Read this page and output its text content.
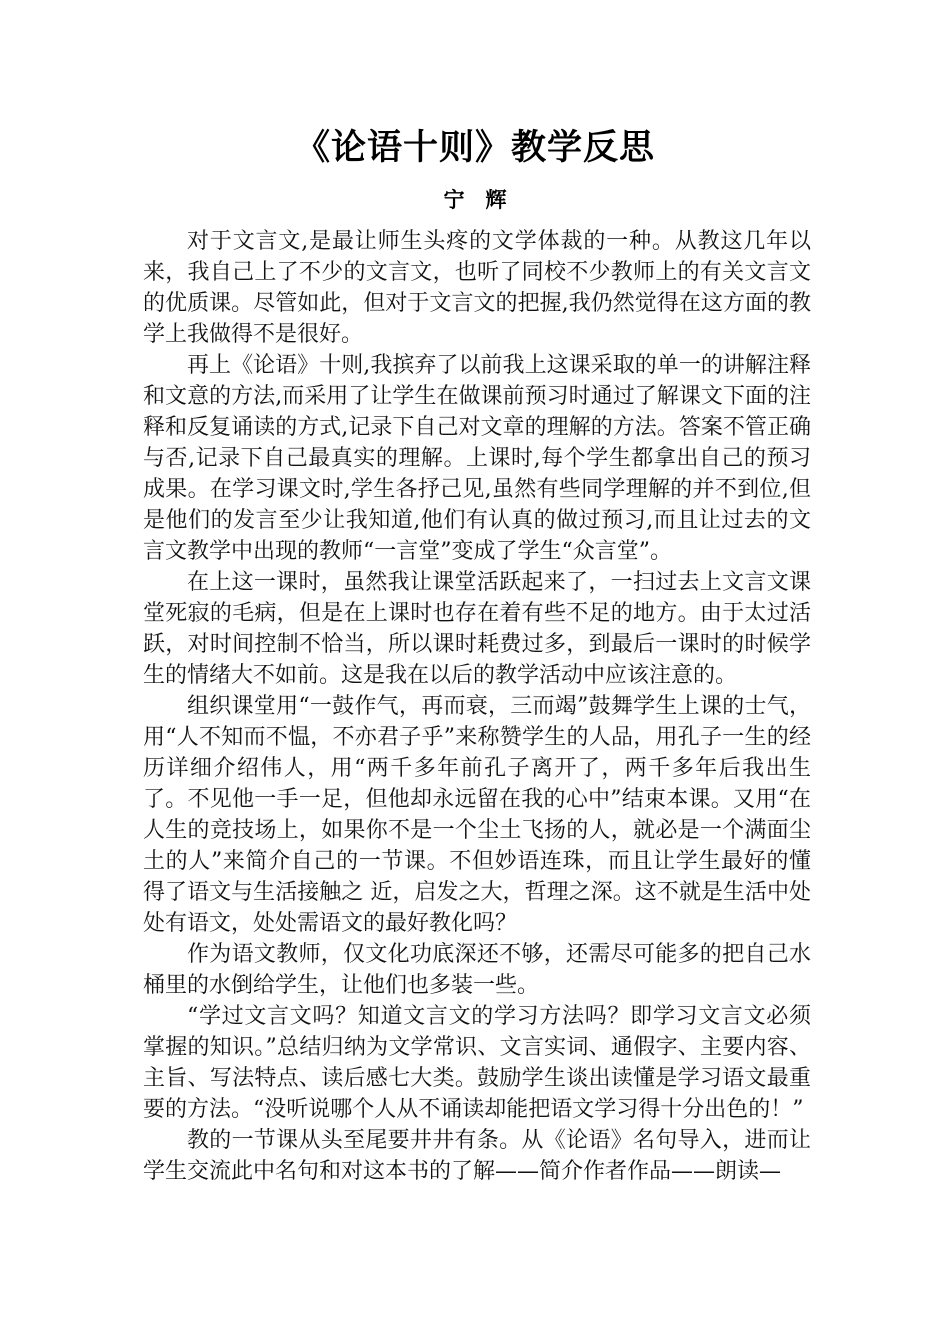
《论语十则》教学反思
宁　辉

对于文言文,是最让师生头疼的文学体裁的一种。从教这几年以来，我自己上了不少的文言文，也听了同校不少教师上的有关文言文的优质课。尽管如此，但对于文言文的把握,我仍然觉得在这方面的教学上我做得不是很好。

再上《论语》十则,我摈弃了以前我上这课采取的单一的讲解注释和文意的方法,而采用了让学生在做课前预习时通过了解课文下面的注释和反复诵读的方式,记录下自己对文章的理解的方法。答案不管正确与否,记录下自己最真实的理解。上课时,每个学生都拿出自己的预习成果。在学习课文时,学生各抒己见,虽然有些同学理解的并不到位,但是他们的发言至少让我知道,他们有认真的做过预习,而且让过去的文言文教学中出现的教师“一言堂”变成了学生“众言堂”。

在上这一课时，虽然我让课堂活跃起来了，一扫过去上文言文课堂死寂的毛病，但是在上课时也存在着有些不足的地方。由于太过活跃，对时间控制不恰当，所以课时耗费过多，到最后一课时的时候学生的情绪大不如前。这是我在以后的教学活动中应该注意的。

组织课堂用“一鼓作气，再而衰，三而竭”鼓舞学生上课的士气，用“人不知而不愠，不亦君子乎”来称赞学生的人品，用孔子一生的经历详细介绍伟人，用“两千多年前孔子离开了，两千多年后我出生了。不见他一手一足，但他却永远留在我的心中”结束本课。又用“在人生的竞技场上，如果你不是一个尘土飞扬的人，就必是一个满面尘土的人”来简介自己的一节课。不但妙语连珠，而且让学生最好的懂得了语文与生活接触之 近，启发之大，哲理之深。这不就是生活中处处有语文，处处需语文的最好教化吗？

作为语文教师，仅文化功底深还不够，还需尽可能多的把自己水桶里的水倒给学生，让他们也多装一些。

“学过文言文吗？知道文言文的学习方法吗？即学习文言文必须掌握的知识。”总结归纳为文学常识、文言实词、通假字、主要内容、主旨、写法特点、读后感七大类。鼓励学生谈出读懂是学习语文最重要的方法。“没听说哪个人从不诵读却能把语文学习得十分出色的！”

教的一节课从头至尾要井井有条。从《论语》名句导入，进而让学生交流此中名句和对这本书的了解——简介作者作品——朗读—
